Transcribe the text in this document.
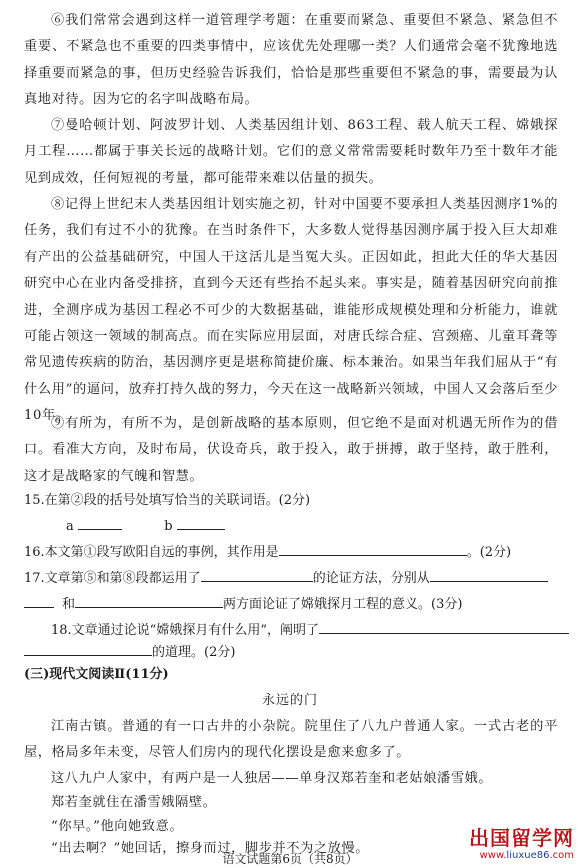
⑥我们常常会遇到这样一道管理学考题：在重要而紧急、重要但不紧急、紧急但不重要、不紧急也不重要的四类事情中，应该优先处理哪一类？人们通常会毫不犹豫地选择重要而紧急的事，但历史经验告诉我们，恰恰是那些重要但不紧急的事，需要最为认真地对待。因为它的名字叫战略布局。

⑦曼哈顿计划、阿波罗计划、人类基因组计划、863工程、载人航天工程、嫦娥探月工程……都属于事关长远的战略计划。它们的意义常常需要耗时数年乃至十数年才能见到成效，任何短视的考量，都可能带来难以估量的损失。

⑧记得上世纪末人类基因组计划实施之初，针对中国要不要承担人类基因测序1%的任务，我们有过不小的犹豫。在当时条件下，大多数人觉得基因测序属于投入巨大却难有产出的公益基础研究，中国人干这活儿是当冤大头。正因如此，担此大任的华大基因研究中心在业内备受排挤，直到今天还有些抬不起头来。事实是，随着基因研究向前推进，全测序成为基因工程必不可少的大数据基础，谁能形成规模处理和分析能力，谁就可能占领这一领域的制高点。而在实际应用层面，对唐氏综合症、宫颈癌、儿童耳聋等常见遗传疾病的防治，基因测序更是堪称简捷价廉、标本兼治。如果当年我们屈从于“有什么用”的逼问，放弃打持久战的努力，今天在这一战略新兴领域，中国人又会落后至少10年。

⑨有所为，有所不为，是创新战略的基本原则，但它绝不是面对机遇无所作为的借口。看准大方向，及时布局，伏设奇兵，敢于投入，敢于拼搏，敢于坚持，敢于胜利，这才是战略家的气魄和智慧。

15.在第②段的括号处填写恰当的关联词语。(2分)

a	b

16.本文第①段写欧阳自远的事例，其作用是	。(2分)

17.文章第⑤和第⑧段都运用了	的论证方法，分别从

和	两方面论证了嫦娥探月工程的意义。(3分)

18.文章通过论说“嫦娥探月有什么用”，阐明了

的道理。(2分)

(三)现代文阅读Ⅱ(11分)

永远的门

江南古镇。普通的有一口古井的小杂院。院里住了八九户普通人家。一式古老的平屋，格局多年未变，尽管人们房内的现代化摆设是愈来愈多了。

这八九户人家中，有两户是一人独居——单身汉郑若奎和老姑娘潘雪娥。

郑若奎就住在潘雪娥隔壁。

“你早。”他向她致意。

“出去啊？”她回话，擦身而过，脚步并不为之放慢。

语文试题第6页（共8页）

出国留学网
www.liuxue86.com
